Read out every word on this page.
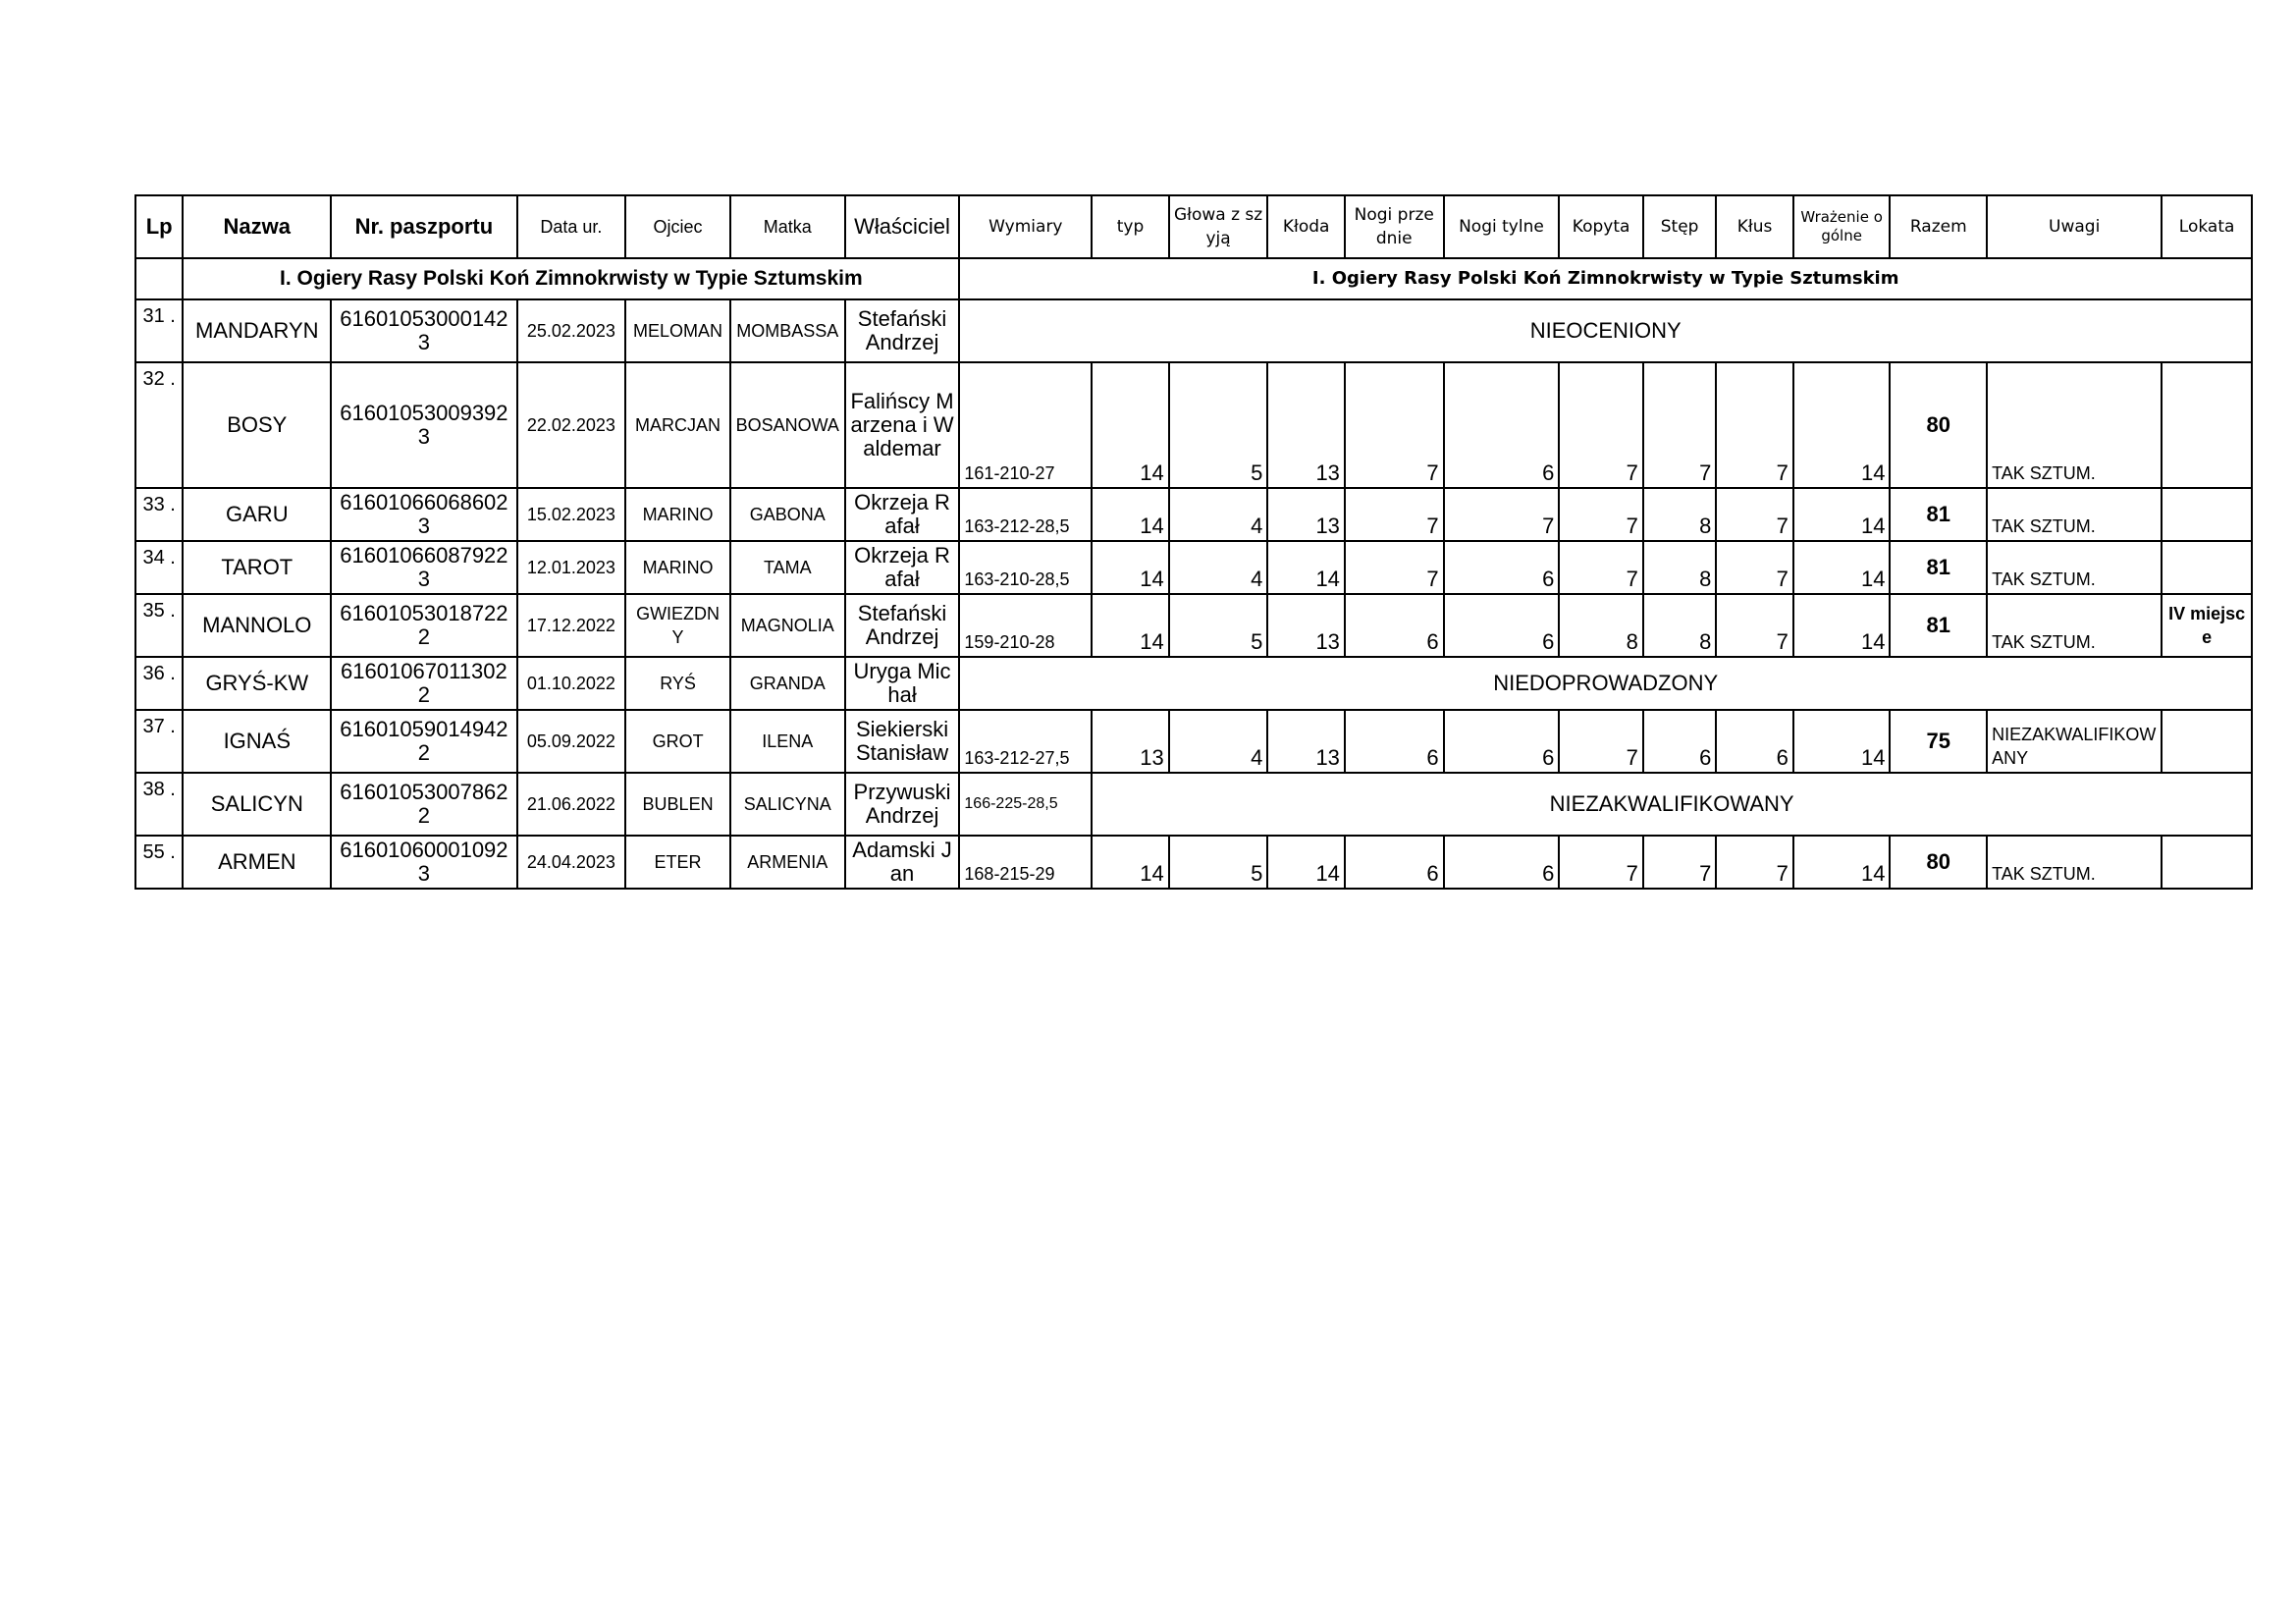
Lp	Nazwa	Nr. paszportu	Data ur.	Ojciec	Matka	Właściciel	Wymiary	typ	Głowa z szyją	Kłoda	Nogi przednie	Nogi tylne	Kopyta	Stęp	Kłus	Wrażenie ogólne	Razem	Uwagi	Lokata
	I. Ogiery Rasy Polski Koń Zimnokrwisty w Typie Sztumskim						I. Ogiery Rasy Polski Koń Zimnokrwisty w Typie Sztumskim												
31 .	MANDARYN	616010530001423	25.02.2023	MELOMAN	MOMBASSA	Stefański Andrzej	NIEOCENIONY												
32 .	BOSY	616010530093923	22.02.2023	MARCJAN	BOSANOWA	Falińscy Marzena i Waldemar	161-210-27	14	5	13	7	6	7	7	7	14	80	TAK SZTUM.	
33 .	GARU	616010660686023	15.02.2023	MARINO	GABONA	Okrzeja Rafał	163-212-28,5	14	4	13	7	7	7	8	7	14	81	TAK SZTUM.	
34 .	TAROT	616010660879223	12.01.2023	MARINO	TAMA	Okrzeja Rafał	163-210-28,5	14	4	14	7	6	7	8	7	14	81	TAK SZTUM.	
35 .	MANNOLO	616010530187222	17.12.2022	GWIEZDNY	MAGNOLIA	Stefański Andrzej	159-210-28	14	5	13	6	6	8	8	7	14	81	TAK SZTUM.	IV miejsce
36 .	GRYŚ-KW	616010670113022	01.10.2022	RYŚ	GRANDA	Uryga Michał	NIEDOPROWADZONY												
37 .	IGNAŚ	616010590149422	05.09.2022	GROT	ILENA	Siekierski Stanisław	163-212-27,5	13	4	13	6	6	7	6	6	14	75	NIEZAKWALIFIKOWANY	
38 .	SALICYN	616010530078622	21.06.2022	BUBLEN	SALICYNA	Przywuski Andrzej	166-225-28,5	NIEZAKWALIFIKOWANY											
55 .	ARMEN	616010600010923	24.04.2023	ETER	ARMENIA	Adamski Jan	168-215-29	14	5	14	6	6	7	7	7	14	80	TAK SZTUM.	
